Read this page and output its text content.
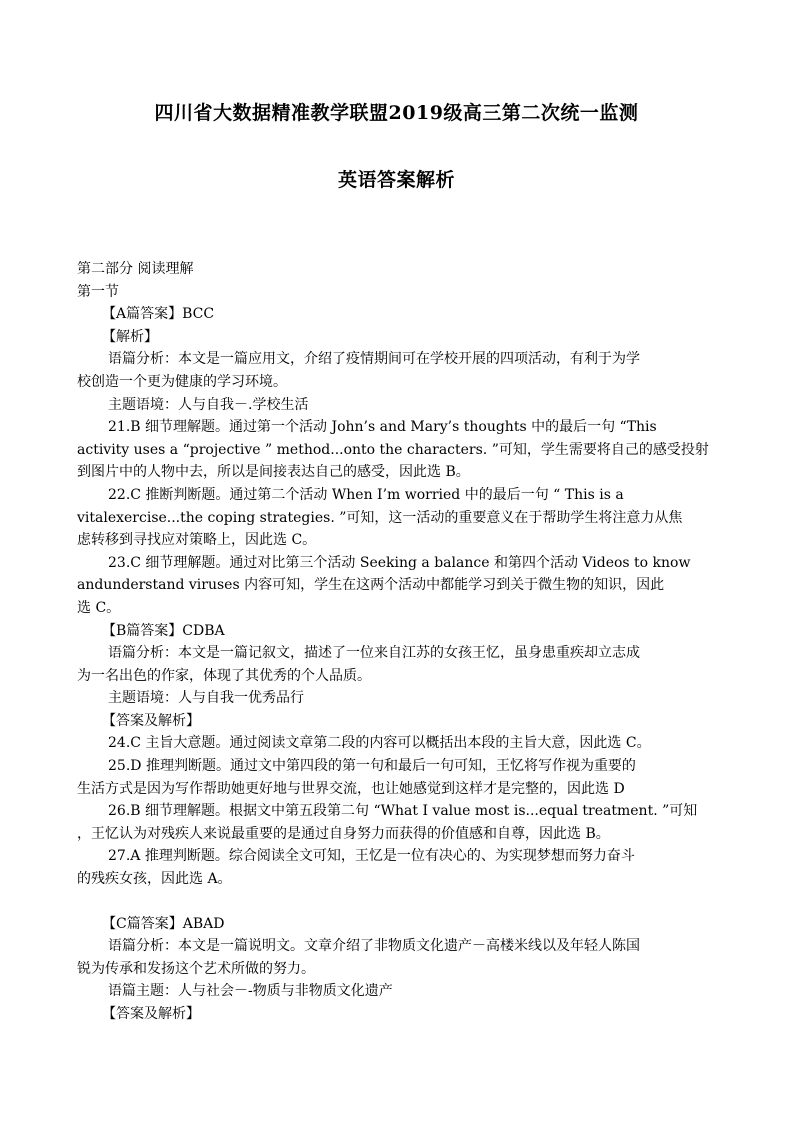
四川省大数据精准教学联盟2019级高三第二次统一监测
英语答案解析
第二部分 阅读理解
第一节
【A篇答案】BCC
【解析】
语篇分析：本文是一篇应用文，介绍了疫情期间可在学校开展的四项活动，有利于为学
校创造一个更为健康的学习环境。
主题语境：人与自我－.学校生活
21.B 细节理解题。通过第一个活动 John’s and Mary’s thoughts 中的最后一句 “This
activity uses a “projective ” method...onto the characters. ”可知，学生需要将自己的感受投射
到图片中的人物中去，所以是间接表达自己的感受，因此选 B。
22.C 推断判断题。通过第二个活动 When I’m worried 中的最后一句 “ This is a
vitalexercise...the coping strategies. ”可知，这一活动的重要意义在于帮助学生将注意力从焦
虑转移到寻找应对策略上，因此选 C。
23.C 细节理解题。通过对比第三个活动 Seeking a balance 和第四个活动 Videos to know
andunderstand viruses 内容可知，学生在这两个活动中都能学习到关于微生物的知识，因此
选 C。
【B篇答案】CDBA
语篇分析：本文是一篇记叙文，描述了一位来自江苏的女孩王忆，虽身患重疾却立志成
为一名出色的作家，体现了其优秀的个人品质。
主题语境：人与自我一优秀品行
【答案及解析】
24.C 主旨大意题。通过阅读文章第二段的内容可以概括出本段的主旨大意，因此选 C。
25.D 推理判断题。通过文中第四段的第一句和最后一句可知，王忆将写作视为重要的
生活方式是因为写作帮助她更好地与世界交流，也让她感觉到这样才是完整的，因此选 D
26.B 细节理解题。根据文中第五段第二句 “What I value most is...equal treatment. ”可知
，王忆认为对残疾人来说最重要的是通过自身努力而获得的价值感和自尊，因此选 B。
27.A 推理判断题。综合阅读全文可知，王忆是一位有决心的、为实现梦想而努力奋斗
的残疾女孩，因此选 A。
【C篇答案】ABAD
语篇分析：本文是一篇说明文。文章介绍了非物质文化遗产－高楼米线以及年轻人陈国
锐为传承和发扬这个艺术所做的努力。
语篇主题：人与社会－-物质与非物质文化遗产
【答案及解析】
